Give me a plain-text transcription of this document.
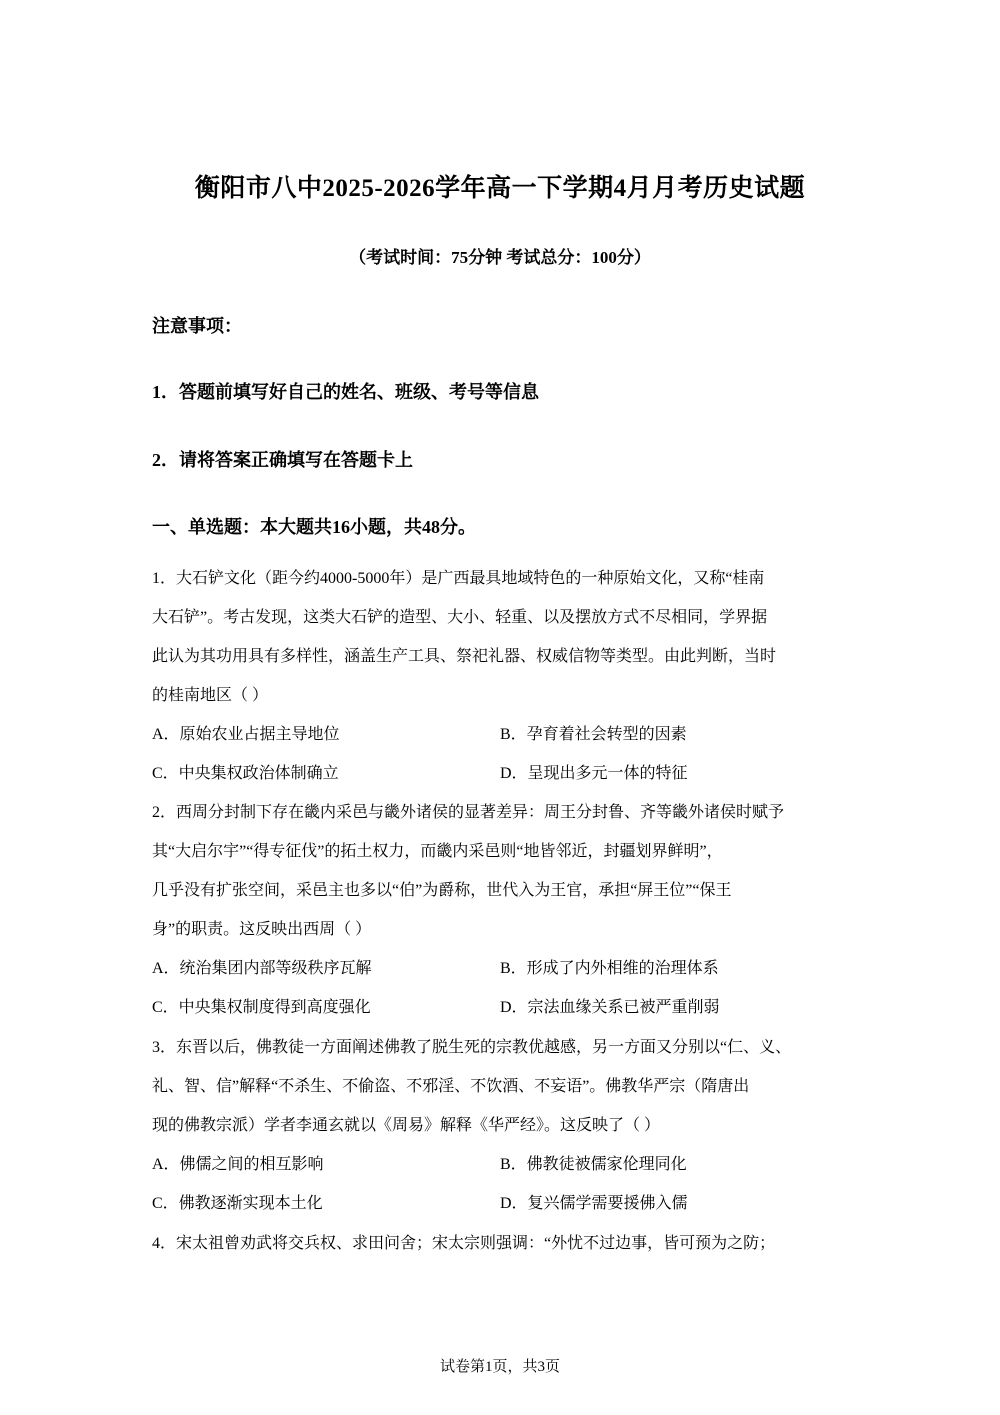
衡阳市八中2025-2026学年高一下学期4月月考历史试题
（考试时间：75分钟 考试总分：100分）
注意事项：
1．答题前填写好自己的姓名、班级、考号等信息
2．请将答案正确填写在答题卡上
一、单选题：本大题共16小题，共48分。
1．大石铲文化（距今约4000-5000年）是广西最具地域特色的一种原始文化，又称“桂南
大石铲”。考古发现，这类大石铲的造型、大小、轻重、以及摆放方式不尽相同，学界据
此认为其功用具有多样性，涵盖生产工具、祭祀礼器、权威信物等类型。由此判断，当时
的桂南地区（ ）
A．原始农业占据主导地位	B．孕育着社会转型的因素
C．中央集权政治体制确立	D．呈现出多元一体的特征
2．西周分封制下存在畿内采邑与畿外诸侯的显著差异：周王分封鲁、齐等畿外诸侯时赋予
其“大启尔宇”“得专征伐”的拓土权力，而畿内采邑则“地皆邻近，封疆划界鲜明”，
几乎没有扩张空间，采邑主也多以“伯”为爵称，世代入为王官，承担“屏王位”“保王
身”的职责。这反映出西周（ ）
A．统治集团内部等级秩序瓦解	B．形成了内外相维的治理体系
C．中央集权制度得到高度强化	D．宗法血缘关系已被严重削弱
3．东晋以后，佛教徒一方面阐述佛教了脱生死的宗教优越感，另一方面又分别以“仁、义、
礼、智、信”解释“不杀生、不偷盗、不邪淫、不饮酒、不妄语”。佛教华严宗（隋唐出
现的佛教宗派）学者李通玄就以《周易》解释《华严经》。这反映了（ ）
A．佛儒之间的相互影响	B．佛教徒被儒家伦理同化
C．佛教逐渐实现本土化	D．复兴儒学需要援佛入儒
4．宋太祖曾劝武将交兵权、求田问舍；宋太宗则强调：“外忧不过边事，皆可预为之防；
试卷第1页，共3页
